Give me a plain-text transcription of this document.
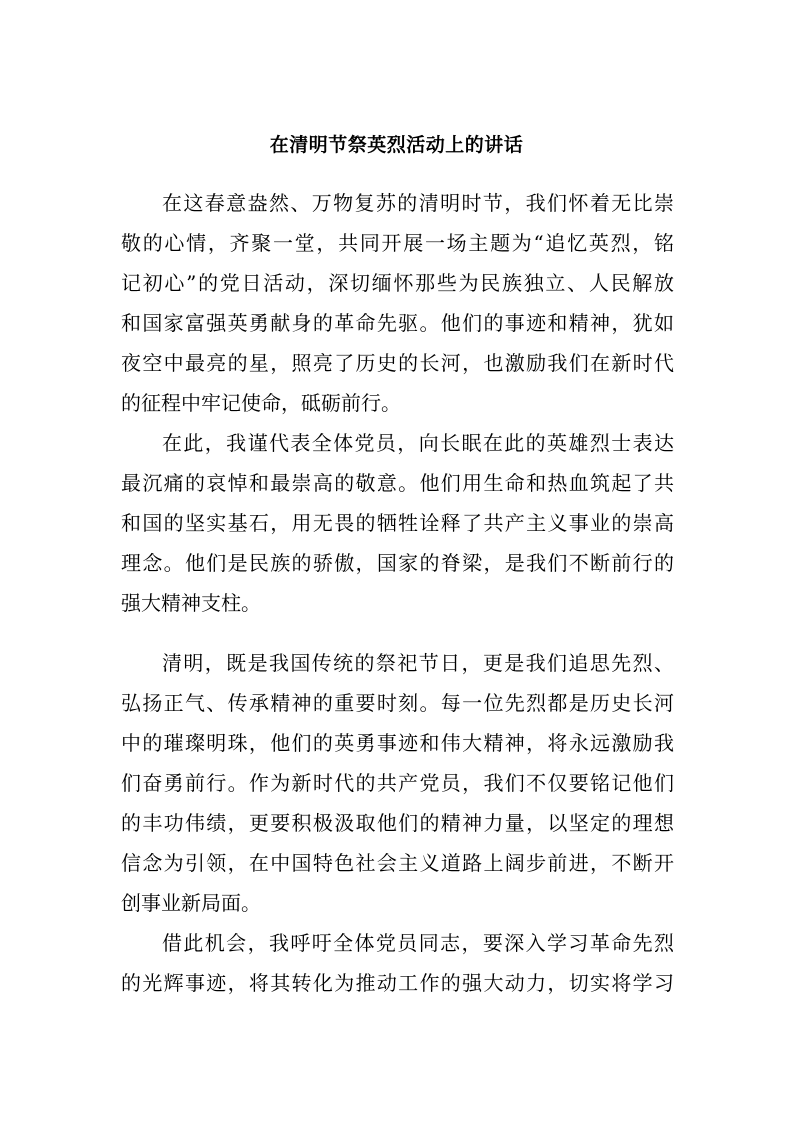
在清明节祭英烈活动上的讲话
在这春意盎然、万物复苏的清明时节，我们怀着无比崇
敬的心情，齐聚一堂，共同开展一场主题为“追忆英烈，铭
记初心”的党日活动，深切缅怀那些为民族独立、人民解放
和国家富强英勇献身的革命先驱。他们的事迹和精神，犹如
夜空中最亮的星，照亮了历史的长河，也激励我们在新时代
的征程中牢记使命，砥砺前行。
在此，我谨代表全体党员，向长眠在此的英雄烈士表达
最沉痛的哀悼和最崇高的敬意。他们用生命和热血筑起了共
和国的坚实基石，用无畏的牺牲诠释了共产主义事业的崇高
理念。他们是民族的骄傲，国家的脊梁，是我们不断前行的
强大精神支柱。
清明，既是我国传统的祭祀节日，更是我们追思先烈、
弘扬正气、传承精神的重要时刻。每一位先烈都是历史长河
中的璀璨明珠，他们的英勇事迹和伟大精神，将永远激励我
们奋勇前行。作为新时代的共产党员，我们不仅要铭记他们
的丰功伟绩，更要积极汲取他们的精神力量，以坚定的理想
信念为引领，在中国特色社会主义道路上阔步前进，不断开
创事业新局面。
借此机会，我呼吁全体党员同志，要深入学习革命先烈
的光辉事迹，将其转化为推动工作的强大动力，切实将学习
